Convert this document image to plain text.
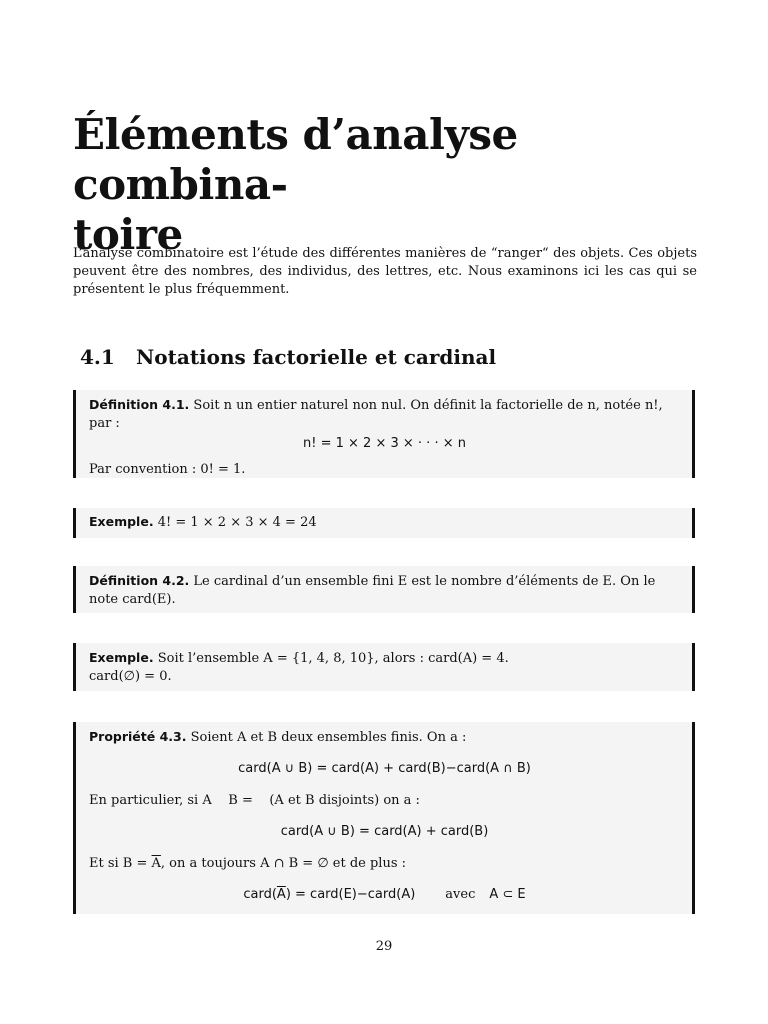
Éléments d’analyse combina-
toire

L’analyse combinatoire est l’étude des différentes manières de “ranger“ des objets. Ces objets peuvent être des nombres, des individus, des lettres, etc. Nous examinons ici les cas qui se présentent le plus fréquemment.

4.1 Notations factorielle et cardinal

Définition 4.1. Soit n un entier naturel non nul. On définit la factorielle de n, notée n!, par :

n! = 1 × 2 × 3 × · · · × n

Par convention : 0! = 1.

Exemple. 4! = 1 × 2 × 3 × 4 = 24

Définition 4.2. Le cardinal d’un ensemble fini E est le nombre d’éléments de E. On le note card(E).

Exemple. Soit l’ensemble A = {1, 4, 8, 10}, alors : card(A) = 4.

card(∅) = 0.

Propriété 4.3. Soient A et B deux ensembles finis. On a :

card(A ∪ B) = card(A) + card(B)−card(A ∩ B)

En particulier, si A    B =    (A et B disjoints) on a :

card(A ∪ B) = card(A) + card(B)

Et si $B = \overline{A}$, on a toujours A ∩ B = ∅ et de plus :

$card(\overline{A})$ = card(E)−card(A) avec A ⊂ E
29
